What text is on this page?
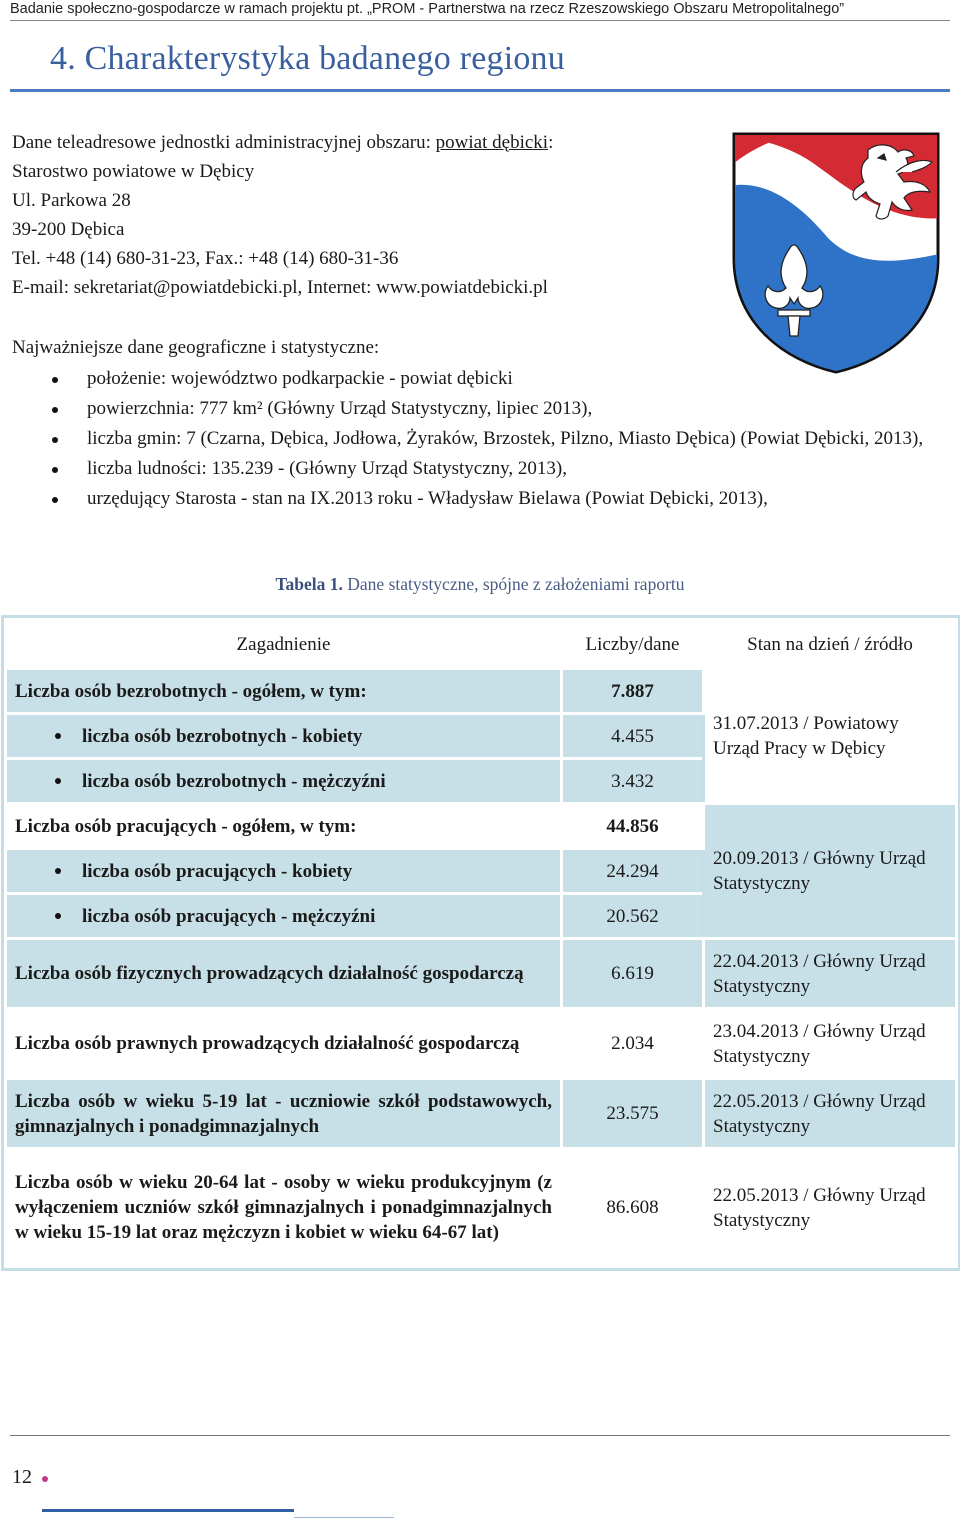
Badanie społeczno-gospodarcze w ramach projektu pt. „PROM - Partnerstwa na rzecz Rzeszowskiego Obszaru Metropolitalnego”
4. Charakterystyka badanego regionu
Dane teleadresowe jednostki administracyjnej obszaru: powiat dębicki:
Starostwo powiatowe w Dębicy
Ul. Parkowa 28
39-200 Dębica
Tel. +48 (14) 680-31-23, Fax.: +48 (14) 680-31-36
E-mail: sekretariat@powiatdebicki.pl, Internet: www.powiatdebicki.pl
Najważniejsze dane geograficzne i statystyczne:
położenie: województwo podkarpackie - powiat dębicki
powierzchnia: 777 km² (Główny Urząd Statystyczny, lipiec 2013),
liczba gmin: 7 (Czarna, Dębica, Jodłowa, Żyraków, Brzostek, Pilzno, Miasto Dębica) (Powiat Dębicki, 2013),
liczba ludności: 135.239 - (Główny Urząd Statystyczny, 2013),
urzędujący Starosta - stan na IX.2013 roku - Władysław Bielawa (Powiat Dębicki, 2013),
Tabela 1. Dane statystyczne, spójne z założeniami raportu
Zagadnienie	Liczby/dane	Stan na dzień / źródło
Liczba osób bezrobotnych - ogółem, w tym:	7.887	31.07.2013 / Powiatowy Urząd Pracy w Dębicy
liczba osób bezrobotnych - kobiety	4.455	
liczba osób bezrobotnych - mężczyźni	3.432	
Liczba osób pracujących - ogółem, w tym:	44.856	20.09.2013 / Główny Urząd Statystyczny
liczba osób pracujących - kobiety	24.294	
liczba osób pracujących - mężczyźni	20.562	
Liczba osób fizycznych prowadzących działalność gospodarczą	6.619	22.04.2013 / Główny Urząd Statystyczny
Liczba osób prawnych prowadzących działalność gospodarczą	2.034	23.04.2013 / Główny Urząd Statystyczny
Liczba osób w wieku 5-19 lat - uczniowie szkół podstawowych, gimnazjalnych i ponadgimnazjalnych	23.575	22.05.2013 / Główny Urząd Statystyczny
Liczba osób w wieku 20-64 lat - osoby w wieku produkcyjnym (z wyłączeniem uczniów szkół gimnazjalnych i ponadgimnazjalnych w wieku 15-19 lat oraz mężczyzn i kobiet w wieku 64-67 lat)	86.608	22.05.2013 / Główny Urząd Statystyczny
12
